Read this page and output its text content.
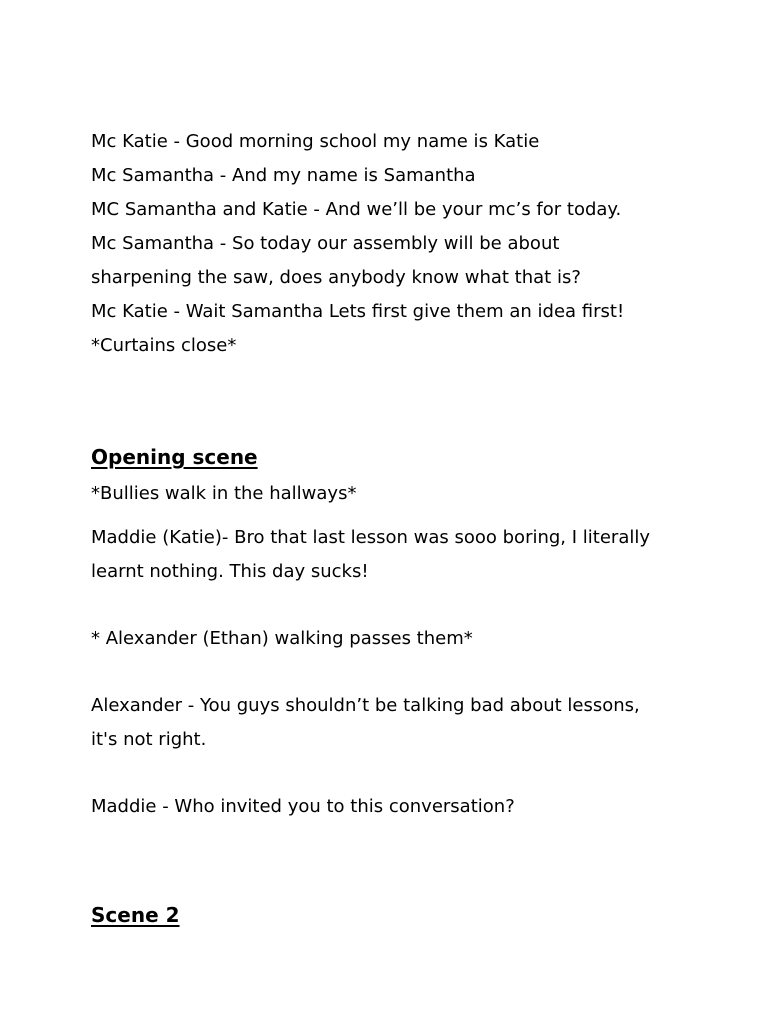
Mc Katie - Good morning school my name is Katie

Mc Samantha - And my name is Samantha

MC Samantha and Katie - And we’ll be your mc’s for today.

Mc Samantha - So today our assembly will be about

sharpening the saw, does anybody know what that is?

Mc Katie - Wait Samantha Lets first give them an idea first!

*Curtains close*

Opening scene

*Bullies walk in the hallways*

Maddie (Katie)- Bro that last lesson was sooo boring, I literally

learnt nothing. This day sucks!

* Alexander (Ethan) walking passes them*

Alexander - You guys shouldn’t be talking bad about lessons,

it's not right.

Maddie - Who invited you to this conversation?

Scene 2
